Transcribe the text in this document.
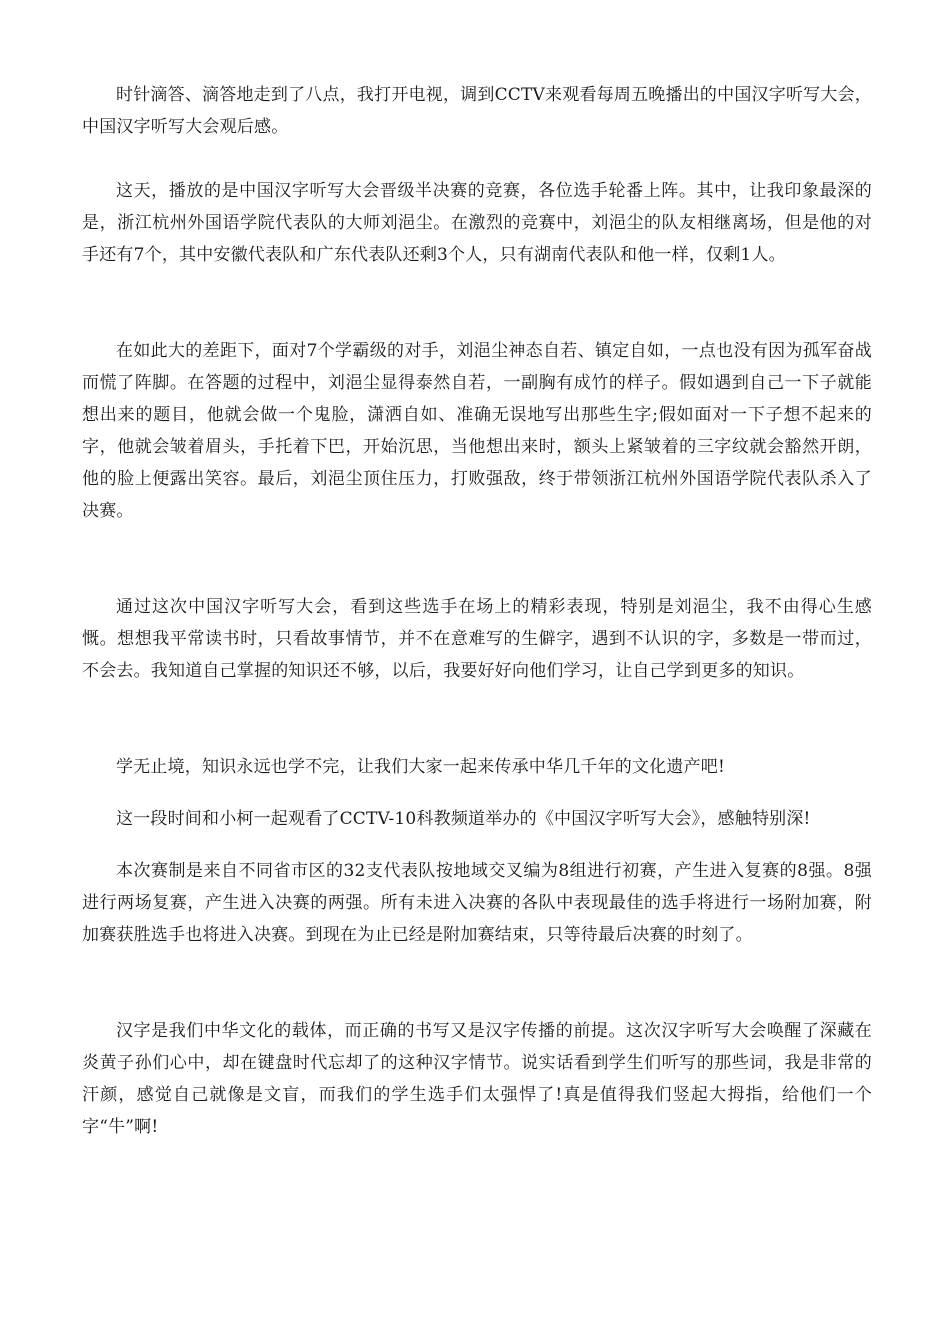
时针滴答、滴答地走到了八点，我打开电视，调到CCTV来观看每周五晚播出的中国汉字听写大会，中国汉字听写大会观后感。

这天，播放的是中国汉字听写大会晋级半决赛的竞赛，各位选手轮番上阵。其中，让我印象最深的是，浙江杭州外国语学院代表队的大师刘浥尘。在激烈的竞赛中，刘浥尘的队友相继离场，但是他的对手还有7个，其中安徽代表队和广东代表队还剩3个人，只有湖南代表队和他一样，仅剩1人。

在如此大的差距下，面对7个学霸级的对手，刘浥尘神态自若、镇定自如，一点也没有因为孤军奋战而慌了阵脚。在答题的过程中，刘浥尘显得泰然自若，一副胸有成竹的样子。假如遇到自己一下子就能想出来的题目，他就会做一个鬼脸，潇洒自如、准确无误地写出那些生字;假如面对一下子想不起来的字，他就会皱着眉头，手托着下巴，开始沉思，当他想出来时，额头上紧皱着的三字纹就会豁然开朗，他的脸上便露出笑容。最后，刘浥尘顶住压力，打败强敌，终于带领浙江杭州外国语学院代表队杀入了决赛。

通过这次中国汉字听写大会，看到这些选手在场上的精彩表现，特别是刘浥尘，我不由得心生感慨。想想我平常读书时，只看故事情节，并不在意难写的生僻字，遇到不认识的字，多数是一带而过，不会去。我知道自己掌握的知识还不够，以后，我要好好向他们学习，让自己学到更多的知识。

学无止境，知识永远也学不完，让我们大家一起来传承中华几千年的文化遗产吧!

这一段时间和小柯一起观看了CCTV-10科教频道举办的《中国汉字听写大会》，感触特别深!

本次赛制是来自不同省市区的32支代表队按地域交叉编为8组进行初赛，产生进入复赛的8强。8强进行两场复赛，产生进入决赛的两强。所有未进入决赛的各队中表现最佳的选手将进行一场附加赛，附加赛获胜选手也将进入决赛。到现在为止已经是附加赛结束，只等待最后决赛的时刻了。

汉字是我们中华文化的载体，而正确的书写又是汉字传播的前提。这次汉字听写大会唤醒了深藏在炎黄子孙们心中，却在键盘时代忘却了的这种汉字情节。说实话看到学生们听写的那些词，我是非常的汗颜，感觉自己就像是文盲，而我们的学生选手们太强悍了!真是值得我们竖起大拇指，给他们一个字“牛”啊!
